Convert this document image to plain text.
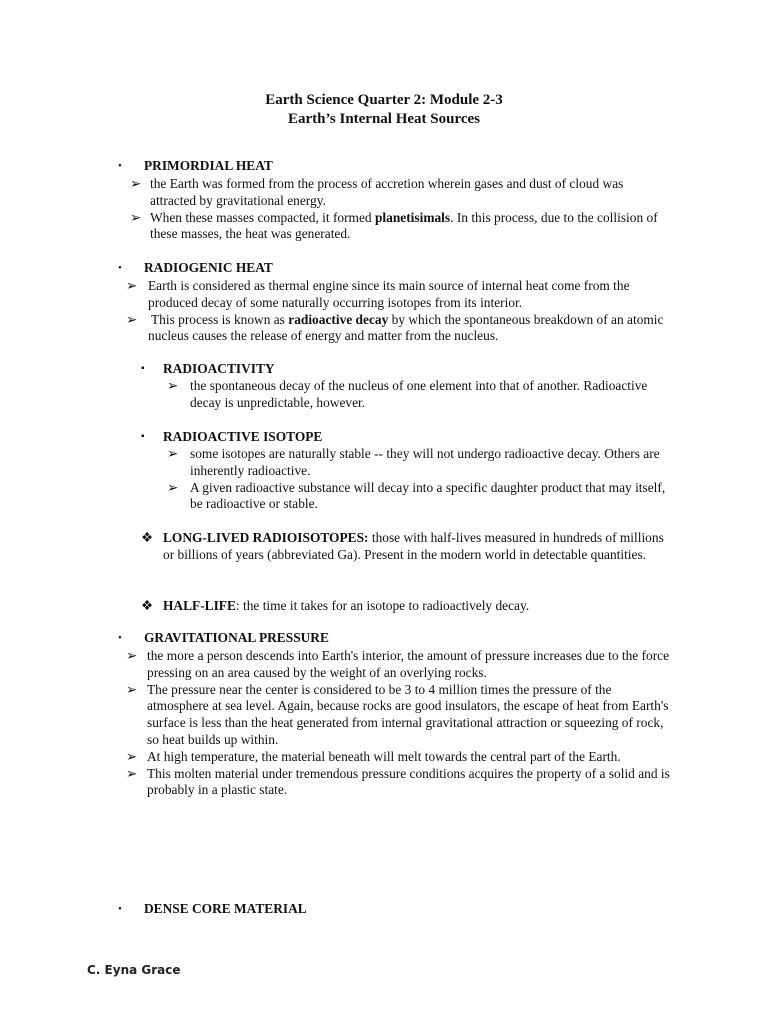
Earth Science Quarter 2: Module 2-3
Earth’s Internal Heat Sources
• PRIMORDIAL HEAT
➢ the Earth was formed from the process of accretion wherein gases and dust of cloud was attracted by gravitational energy.
➢ When these masses compacted, it formed planetisimals. In this process, due to the collision of these masses, the heat was generated.
• RADIOGENIC HEAT
➢ Earth is considered as thermal engine since its main source of internal heat come from the produced decay of some naturally occurring isotopes from its interior.
➢ This process is known as radioactive decay by which the spontaneous breakdown of an atomic nucleus causes the release of energy and matter from the nucleus.
▪ RADIOACTIVITY
➢ the spontaneous decay of the nucleus of one element into that of another. Radioactive decay is unpredictable, however.
▪ RADIOACTIVE ISOTOPE
➢ some isotopes are naturally stable -- they will not undergo radioactive decay. Others are inherently radioactive.
➢ A given radioactive substance will decay into a specific daughter product that may itself, be radioactive or stable.
❖ LONG-LIVED RADIOISOTOPES: those with half-lives measured in hundreds of millions or billions of years (abbreviated Ga). Present in the modern world in detectable quantities.
❖ HALF-LIFE: the time it takes for an isotope to radioactively decay.
• GRAVITATIONAL PRESSURE
➢ the more a person descends into Earth's interior, the amount of pressure increases due to the force pressing on an area caused by the weight of an overlying rocks.
➢ The pressure near the center is considered to be 3 to 4 million times the pressure of the atmosphere at sea level. Again, because rocks are good insulators, the escape of heat from Earth's surface is less than the heat generated from internal gravitational attraction or squeezing of rock, so heat builds up within.
➢ At high temperature, the material beneath will melt towards the central part of the Earth.
➢ This molten material under tremendous pressure conditions acquires the property of a solid and is probably in a plastic state.
• DENSE CORE MATERIAL
C. Eyna Grace
